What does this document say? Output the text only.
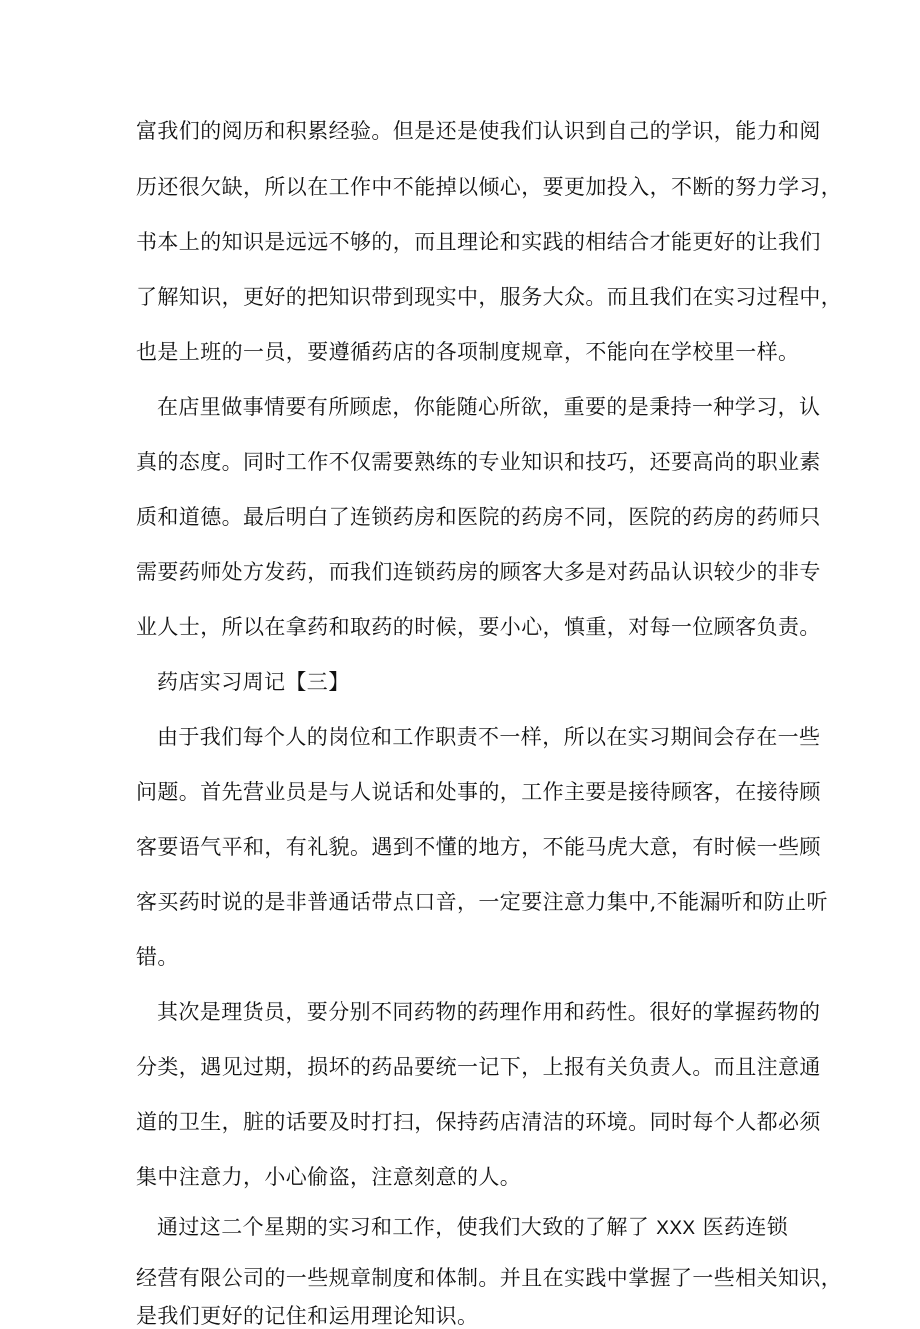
富我们的阅历和积累经验。但是还是使我们认识到自己的学识，能力和阅
历还很欠缺，所以在工作中不能掉以倾心，要更加投入，不断的努力学习，
书本上的知识是远远不够的，而且理论和实践的相结合才能更好的让我们
了解知识，更好的把知识带到现实中，服务大众。而且我们在实习过程中，
也是上班的一员，要遵循药店的各项制度规章，不能向在学校里一样。
在店里做事情要有所顾虑，你能随心所欲，重要的是秉持一种学习，认
真的态度。同时工作不仅需要熟练的专业知识和技巧，还要高尚的职业素
质和道德。最后明白了连锁药房和医院的药房不同，医院的药房的药师只
需要药师处方发药，而我们连锁药房的顾客大多是对药品认识较少的非专
业人士，所以在拿药和取药的时候，要小心，慎重，对每一位顾客负责。
药店实习周记【三】
由于我们每个人的岗位和工作职责不一样，所以在实习期间会存在一些
问题。首先营业员是与人说话和处事的，工作主要是接待顾客，在接待顾
客要语气平和，有礼貌。遇到不懂的地方，不能马虎大意，有时候一些顾
客买药时说的是非普通话带点口音，一定要注意力集中,不能漏听和防止听
错。
其次是理货员，要分别不同药物的药理作用和药性。很好的掌握药物的
分类，遇见过期，损坏的药品要统一记下，上报有关负责人。而且注意通
道的卫生，脏的话要及时打扫，保持药店清洁的环境。同时每个人都必须
集中注意力，小心偷盗，注意刻意的人。
通过这二个星期的实习和工作，使我们大致的了解了 XXX 医药连锁
经营有限公司的一些规章制度和体制。并且在实践中掌握了一些相关知识，
是我们更好的记住和运用理论知识。
